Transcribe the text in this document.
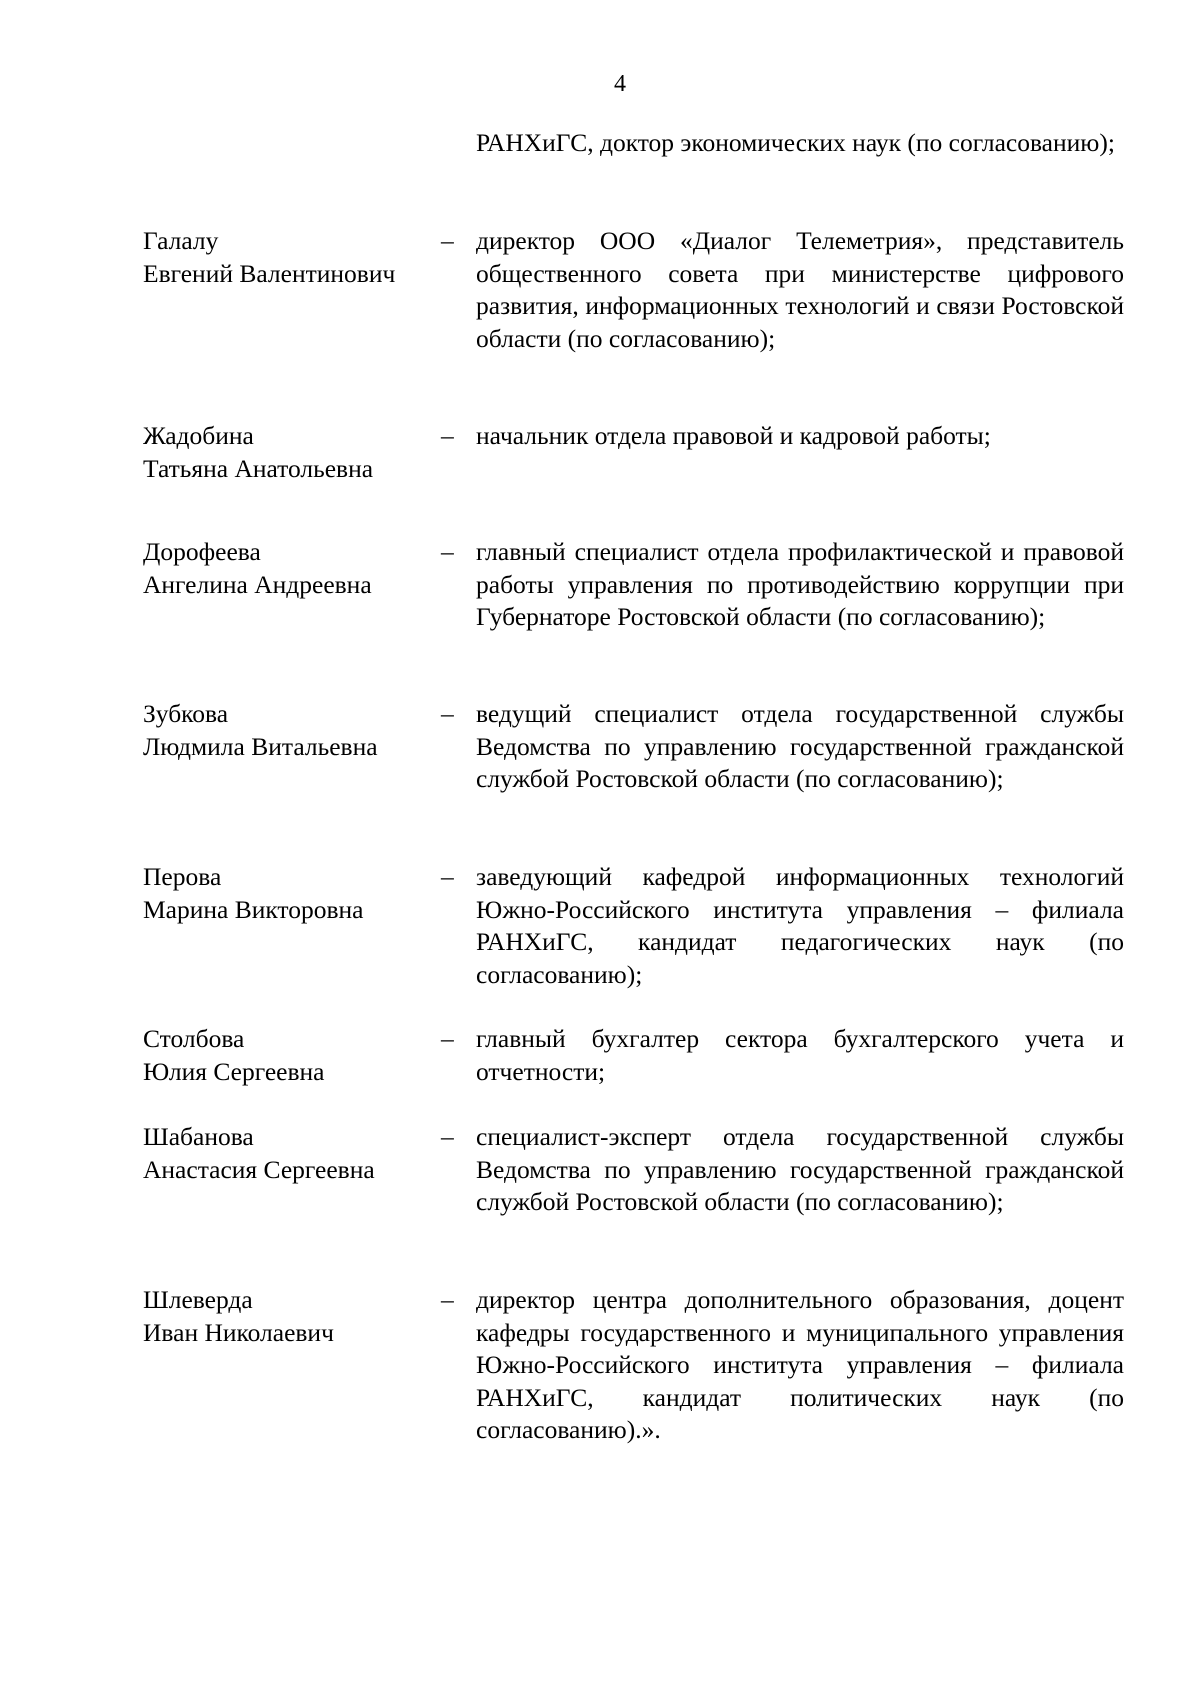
4
РАНХиГС, доктор экономических наук (по согласованию);
Галалу
Евгений Валентинович
– директор ООО «Диалог Телеметрия», представитель общественного совета при министерстве цифрового развития, информационных технологий и связи Ростовской области (по согласованию);
Жадобина
Татьяна Анатольевна
– начальник отдела правовой и кадровой работы;
Дорофеева
Ангелина Андреевна
– главный специалист отдела профилактической и правовой работы управления по противодействию коррупции при Губернаторе Ростовской области (по согласованию);
Зубкова
Людмила Витальевна
– ведущий специалист отдела государственной службы Ведомства по управлению государственной гражданской службой Ростовской области (по согласованию);
Перова
Марина Викторовна
– заведующий кафедрой информационных технологий Южно-Российского института управления – филиала РАНХиГС, кандидат педагогических наук (по согласованию);
Столбова
Юлия Сергеевна
– главный бухгалтер сектора бухгалтерского учета и отчетности;
Шабанова
Анастасия Сергеевна
– специалист-эксперт отдела государственной службы Ведомства по управлению государственной гражданской службой Ростовской области (по согласованию);
Шлеверда
Иван Николаевич
– директор центра дополнительного образования, доцент кафедры государственного и муниципального управления Южно-Российского института управления – филиала РАНХиГС, кандидат политических наук (по согласованию).».
